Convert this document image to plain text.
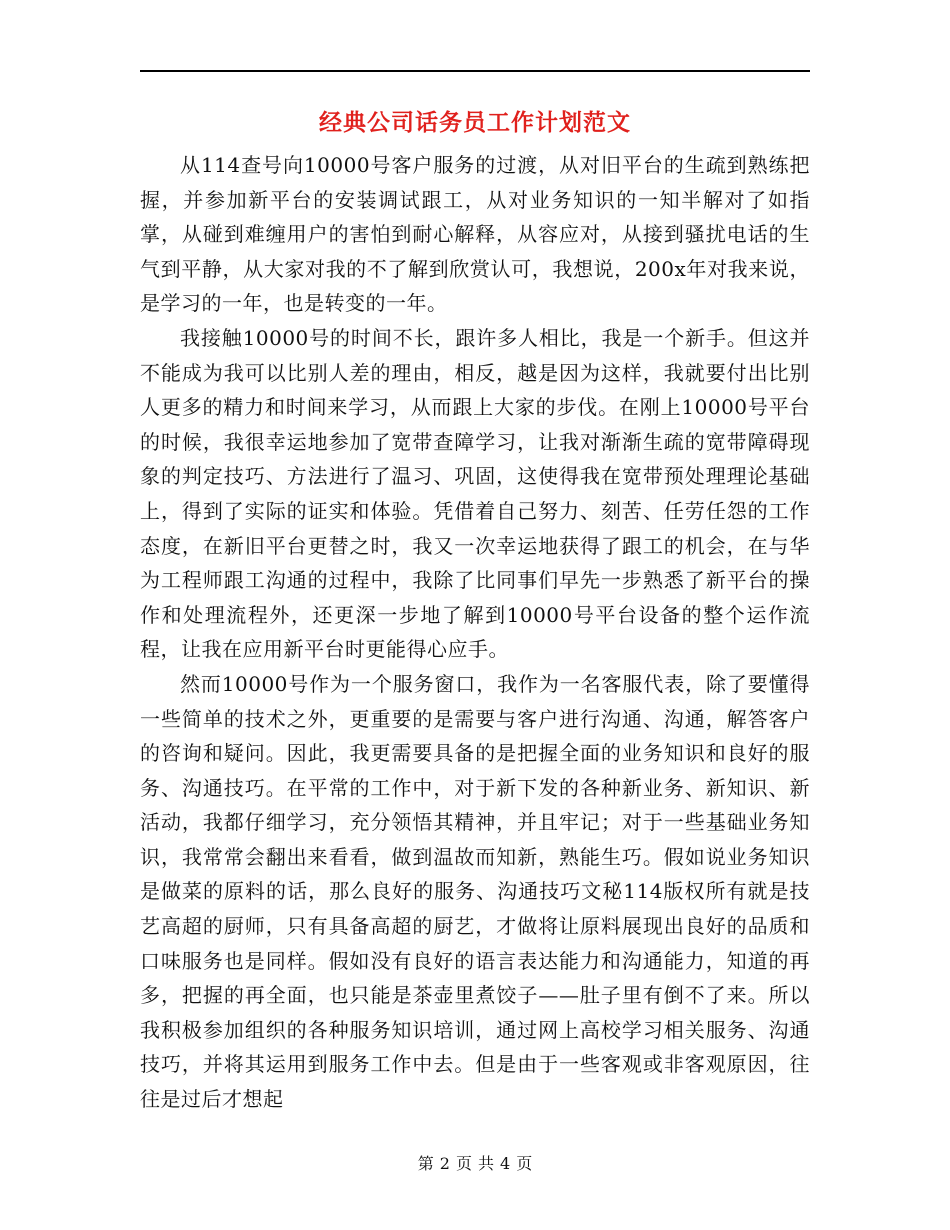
经典公司话务员工作计划范文

从114查号向10000号客户服务的过渡，从对旧平台的生疏到熟练把握，并参加新平台的安装调试跟工，从对业务知识的一知半解对了如指掌，从碰到难缠用户的害怕到耐心解释，从容应对，从接到骚扰电话的生气到平静，从大家对我的不了解到欣赏认可，我想说，200x年对我来说，是学习的一年，也是转变的一年。

我接触10000号的时间不长，跟许多人相比，我是一个新手。但这并不能成为我可以比别人差的理由，相反，越是因为这样，我就要付出比别人更多的精力和时间来学习，从而跟上大家的步伐。在刚上10000号平台的时候，我很幸运地参加了宽带查障学习，让我对渐渐生疏的宽带障碍现象的判定技巧、方法进行了温习、巩固，这使得我在宽带预处理理论基础上，得到了实际的证实和体验。凭借着自己努力、刻苦、任劳任怨的工作态度，在新旧平台更替之时，我又一次幸运地获得了跟工的机会，在与华为工程师跟工沟通的过程中，我除了比同事们早先一步熟悉了新平台的操作和处理流程外，还更深一步地了解到10000号平台设备的整个运作流程，让我在应用新平台时更能得心应手。

然而10000号作为一个服务窗口，我作为一名客服代表，除了要懂得一些简单的技术之外，更重要的是需要与客户进行沟通、沟通，解答客户的咨询和疑问。因此，我更需要具备的是把握全面的业务知识和良好的服务、沟通技巧。在平常的工作中，对于新下发的各种新业务、新知识、新活动，我都仔细学习，充分领悟其精神，并且牢记；对于一些基础业务知识，我常常会翻出来看看，做到温故而知新，熟能生巧。假如说业务知识是做菜的原料的话，那么良好的服务、沟通技巧文秘114版权所有就是技艺高超的厨师，只有具备高超的厨艺，才做将让原料展现出良好的品质和口味服务也是同样。假如没有良好的语言表达能力和沟通能力，知道的再多，把握的再全面，也只能是茶壶里煮饺子——肚子里有倒不了来。所以我积极参加组织的各种服务知识培训，通过网上高校学习相关服务、沟通技巧，并将其运用到服务工作中去。但是由于一些客观或非客观原因，往往是过后才想起

第 2 页 共 4 页
